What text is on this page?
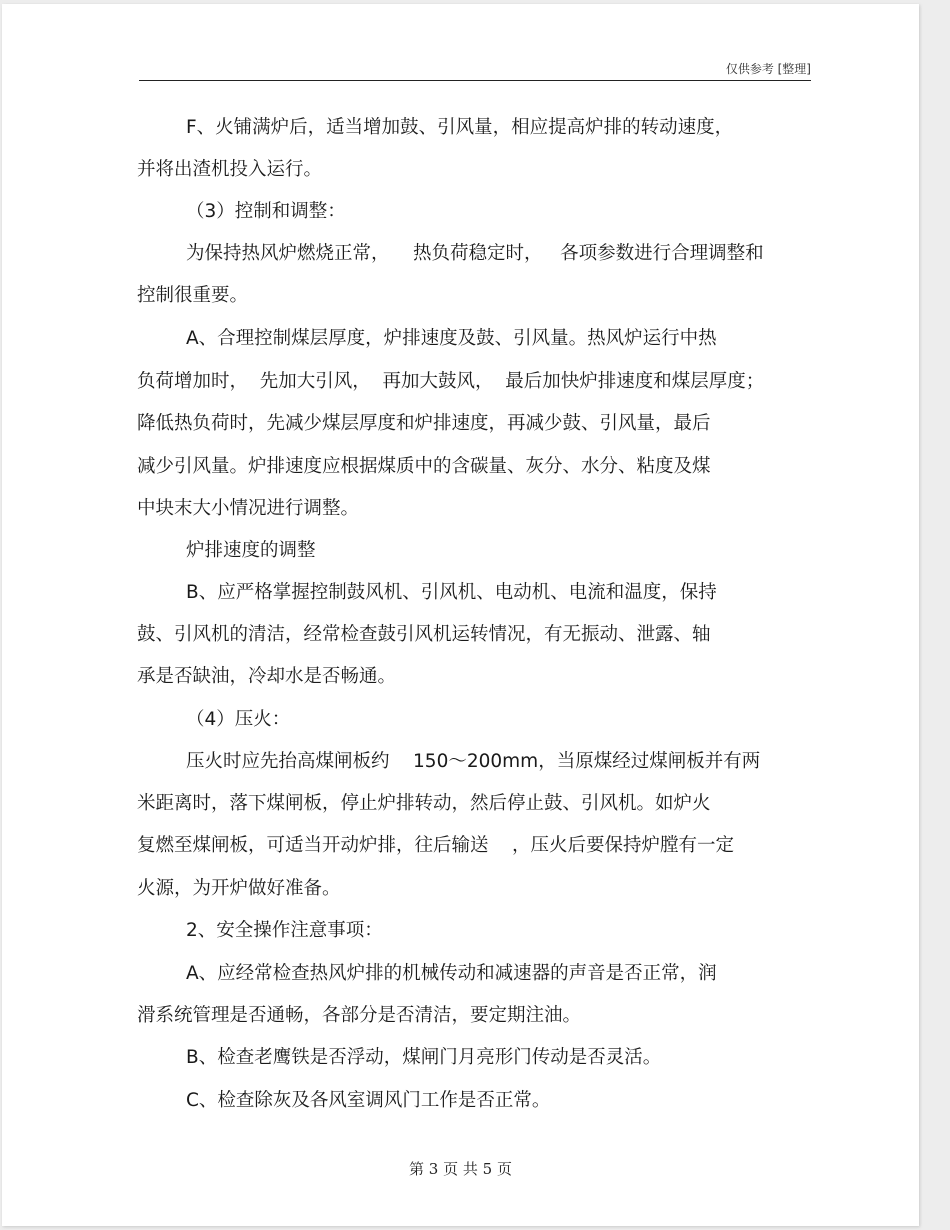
仅供参考 [整理]
F、火铺满炉后，适当增加鼓、引风量，相应提高炉排的转动速度，
并将出渣机投入运行。
（3）控制和调整：
为保持热风炉燃烧正常，    热负荷稳定时，   各项参数进行合理调整和
控制很重要。
A、合理控制煤层厚度，炉排速度及鼓、引风量。热风炉运行中热
负荷增加时，  先加大引风，  再加大鼓风，  最后加快炉排速度和煤层厚度；
降低热负荷时，先减少煤层厚度和炉排速度，再减少鼓、引风量，最后
减少引风量。炉排速度应根据煤质中的含碳量、灰分、水分、粘度及煤
中块末大小情况进行调整。
炉排速度的调整
B、应严格掌握控制鼓风机、引风机、电动机、电流和温度，保持
鼓、引风机的清洁，经常检查鼓引风机运转情况，有无振动、泄露、轴
承是否缺油，冷却水是否畅通。
（4）压火：
压火时应先抬高煤闸板约    150～200mm，当原煤经过煤闸板并有两
米距离时，落下煤闸板，停止炉排转动，然后停止鼓、引风机。如炉火
复燃至煤闸板，可适当开动炉排，往后输送    ，压火后要保持炉膛有一定
火源，为开炉做好准备。
2、安全操作注意事项：
A、应经常检查热风炉排的机械传动和减速器的声音是否正常，润
滑系统管理是否通畅，各部分是否清洁，要定期注油。
B、检查老鹰铁是否浮动，煤闸门月亮形门传动是否灵活。
C、检查除灰及各风室调风门工作是否正常。
第 3 页 共 5 页
